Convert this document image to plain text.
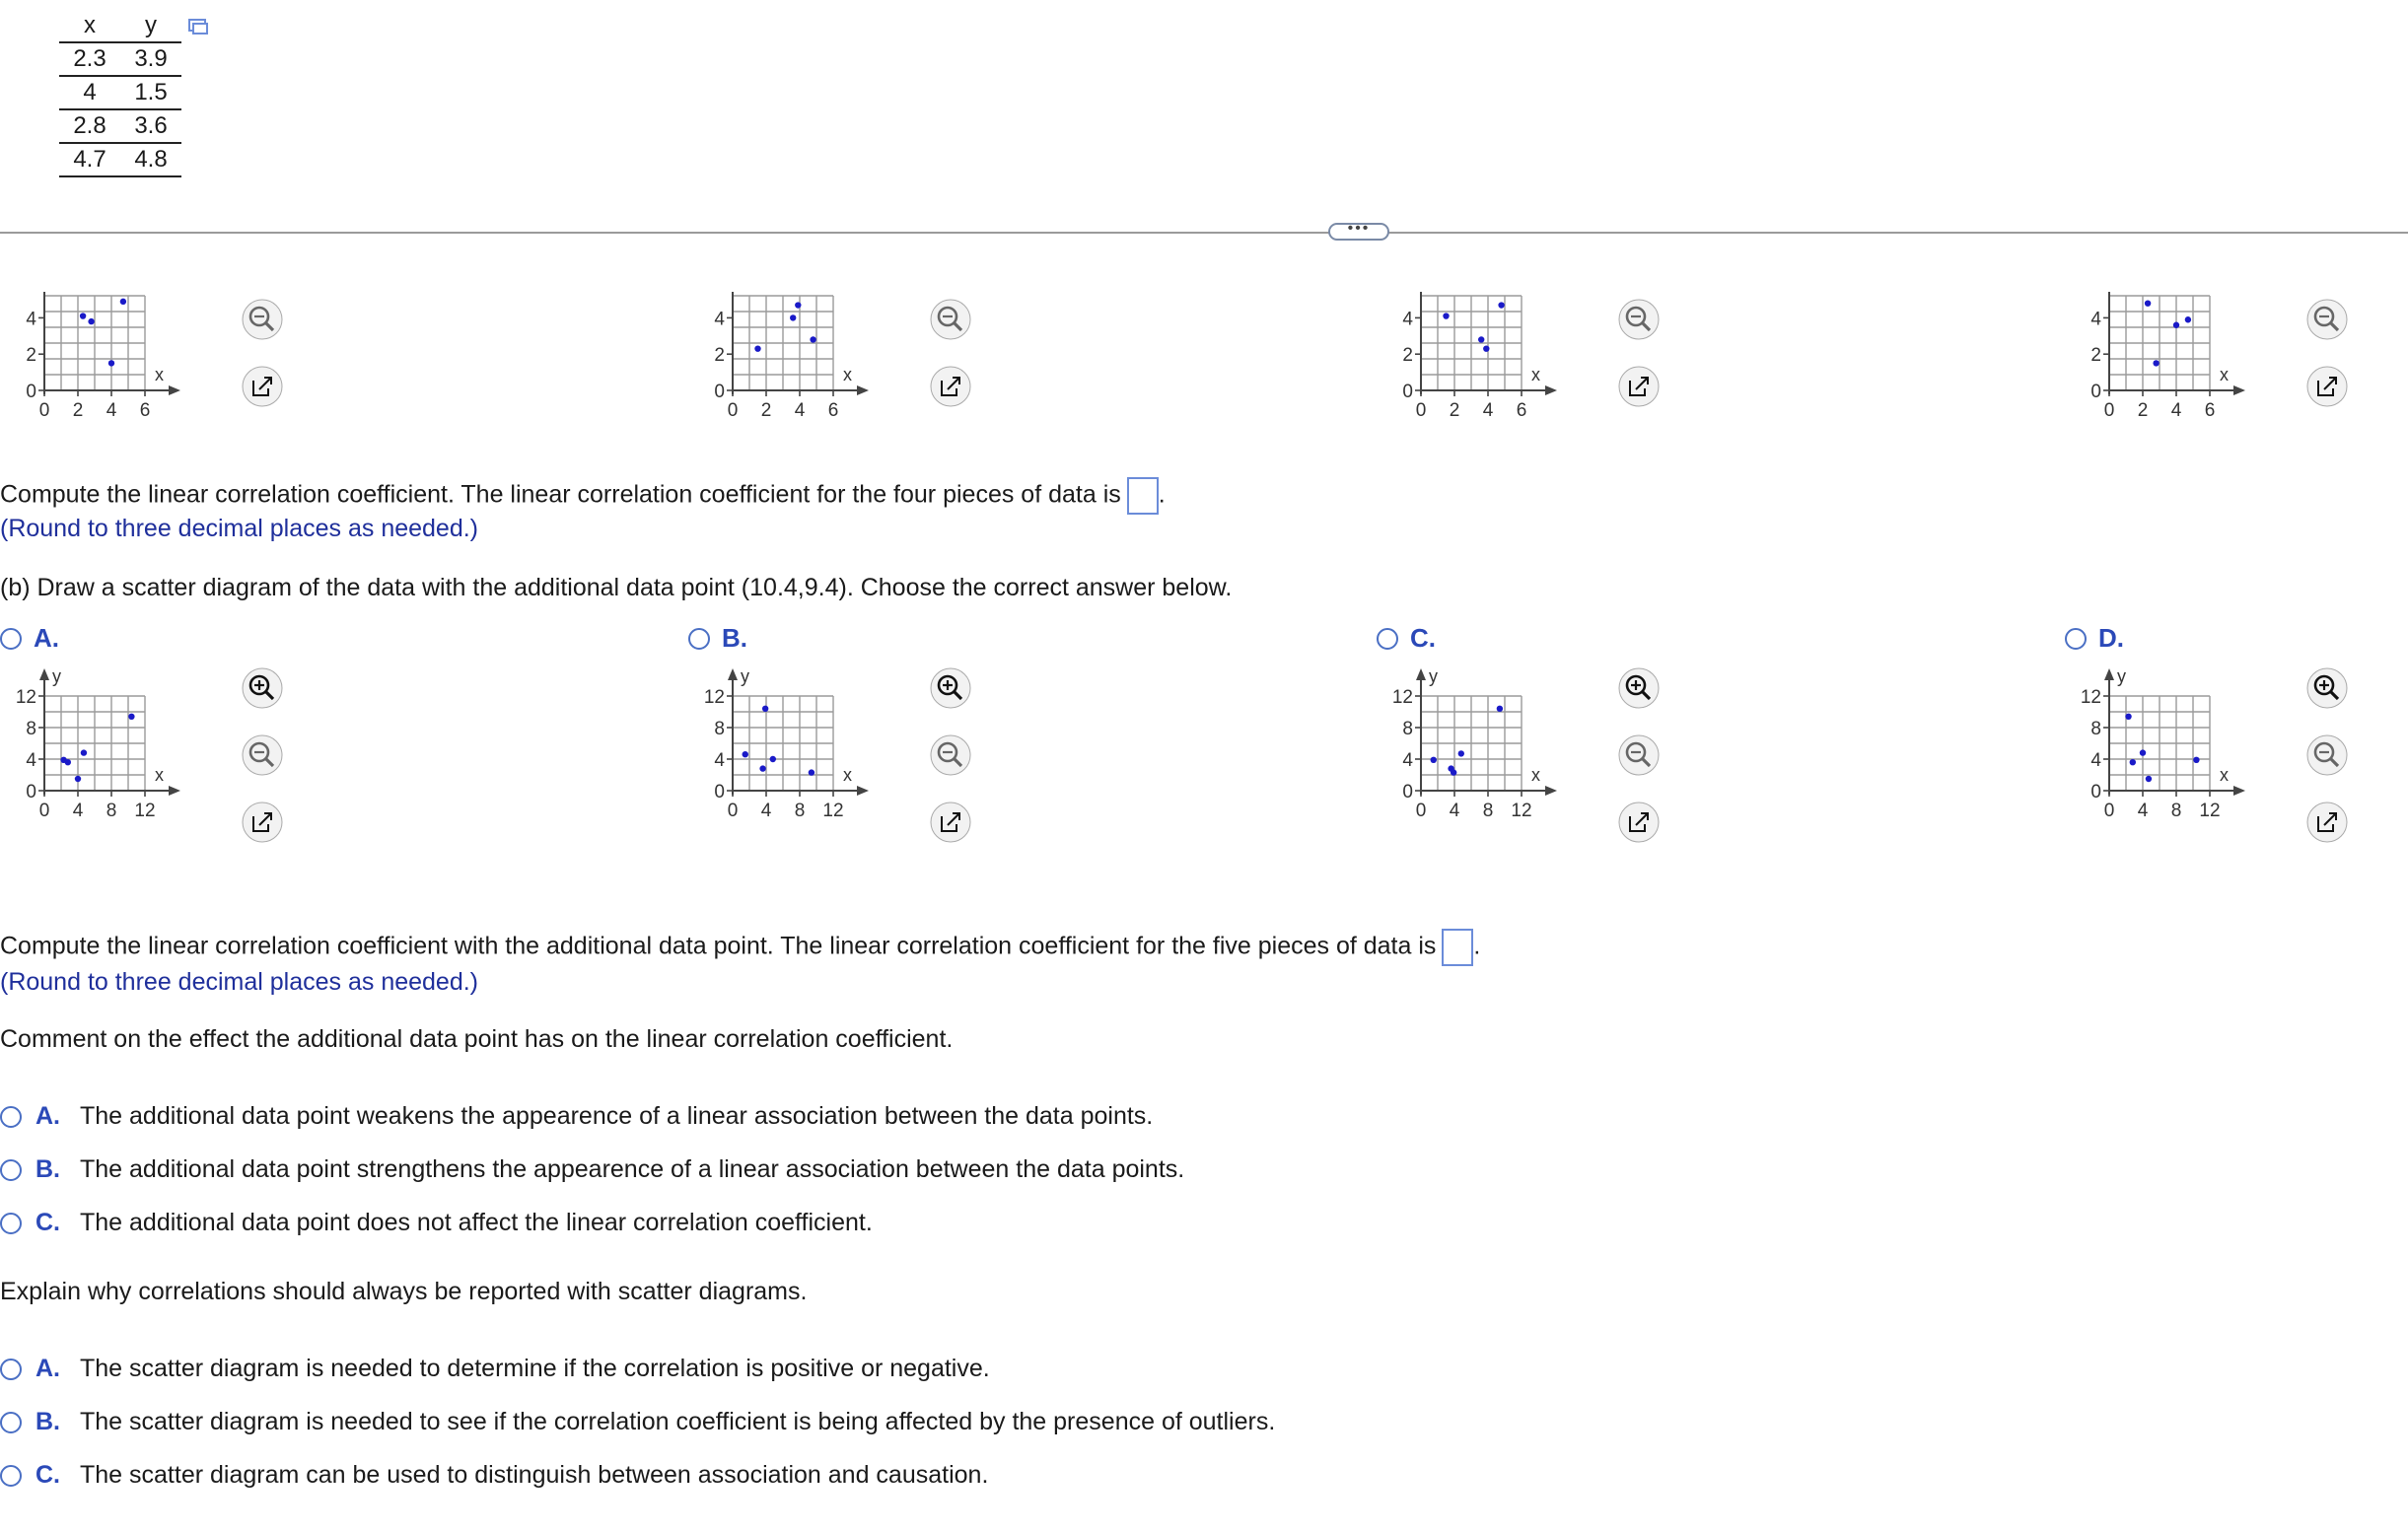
x	y
2.3	3.9
4	1.5
2.8	3.6
4.7	4.8
•••
x
0
2
4
0 2 4 6
x
0
2
4
0 2 4 6
x
0
2
4
0 2 4 6
x
0
2
4
0 2 4 6
Compute the linear correlation coefficient. The linear correlation coefficient for the four pieces of data is .
(Round to three decimal places as needed.)
(b) Draw a scatter diagram of the data with the additional data point (10.4,9.4). Choose the correct answer below.
A.	B.	C.	D.
y
x
0
4
8
12
0 4 8 12
y
x
0
4
8
12
0 4 8 12
y
x
0
4
8
12
0 4 8 12
y
x
0
4
8
12
0 4 8 12
Compute the linear correlation coefficient with the additional data point. The linear correlation coefficient for the five pieces of data is .
(Round to three decimal places as needed.)
Comment on the effect the additional data point has on the linear correlation coefficient.
A. The additional data point weakens the appearence of a linear association between the data points.
B. The additional data point strengthens the appearence of a linear association between the data points.
C. The additional data point does not affect the linear correlation coefficient.
Explain why correlations should always be reported with scatter diagrams.
A. The scatter diagram is needed to determine if the correlation is positive or negative.
B. The scatter diagram is needed to see if the correlation coefficient is being affected by the presence of outliers.
C. The scatter diagram can be used to distinguish between association and causation.
